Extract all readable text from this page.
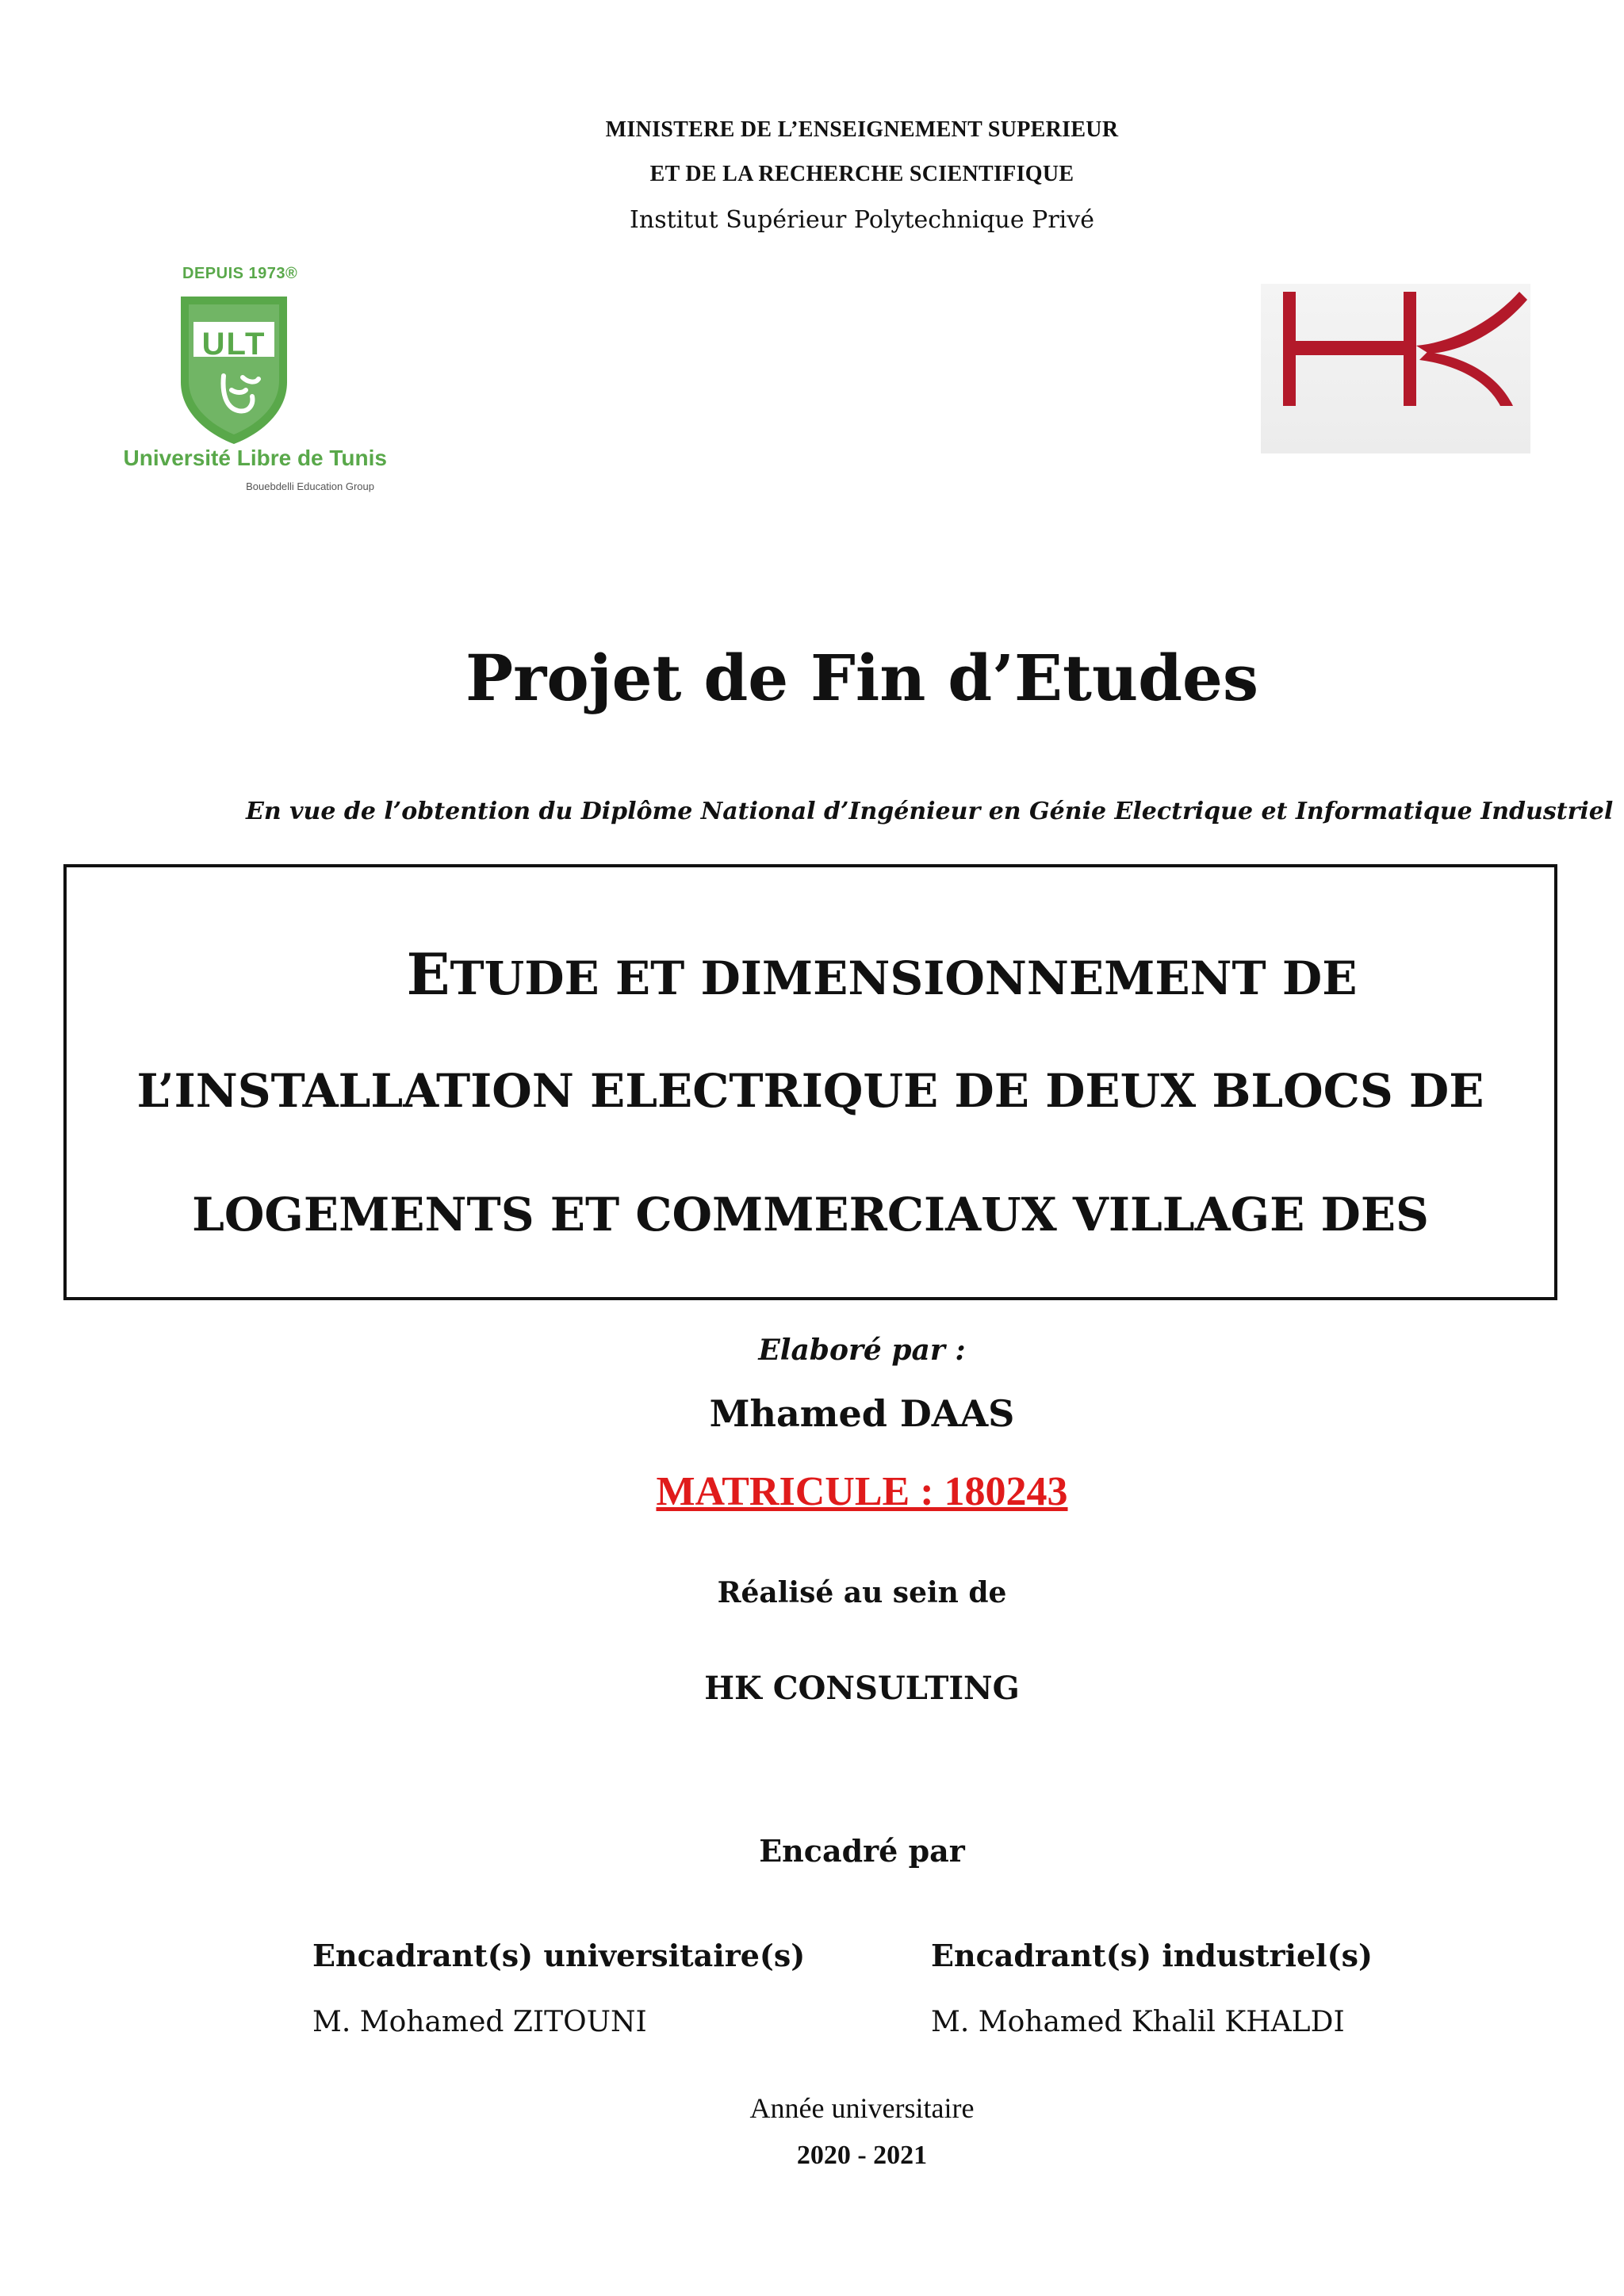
MINISTERE DE L’ENSEIGNEMENT SUPERIEUR
ET DE LA RECHERCHE SCIENTIFIQUE
Institut Supérieur Polytechnique Privé
DEPUIS 1973®
ULT
Université Libre de Tunis
Bouebdelli Education Group
Projet de Fin d’Etudes
En vue de l’obtention du Diplôme National d’Ingénieur en Génie Electrique et Informatique Industriel
ETUDE ET DIMENSIONNEMENT DE
L’INSTALLATION ELECTRIQUE DE DEUX BLOCS DE
LOGEMENTS ET COMMERCIAUX VILLAGE DES
Elaboré par :
Mhamed DAAS
MATRICULE : 180243
Réalisé au sein de
HK CONSULTING
Encadré par
Encadrant(s) universitaire(s)
M. Mohamed ZITOUNI
Encadrant(s) industriel(s)
M. Mohamed Khalil KHALDI
Année universitaire
2020 - 2021
